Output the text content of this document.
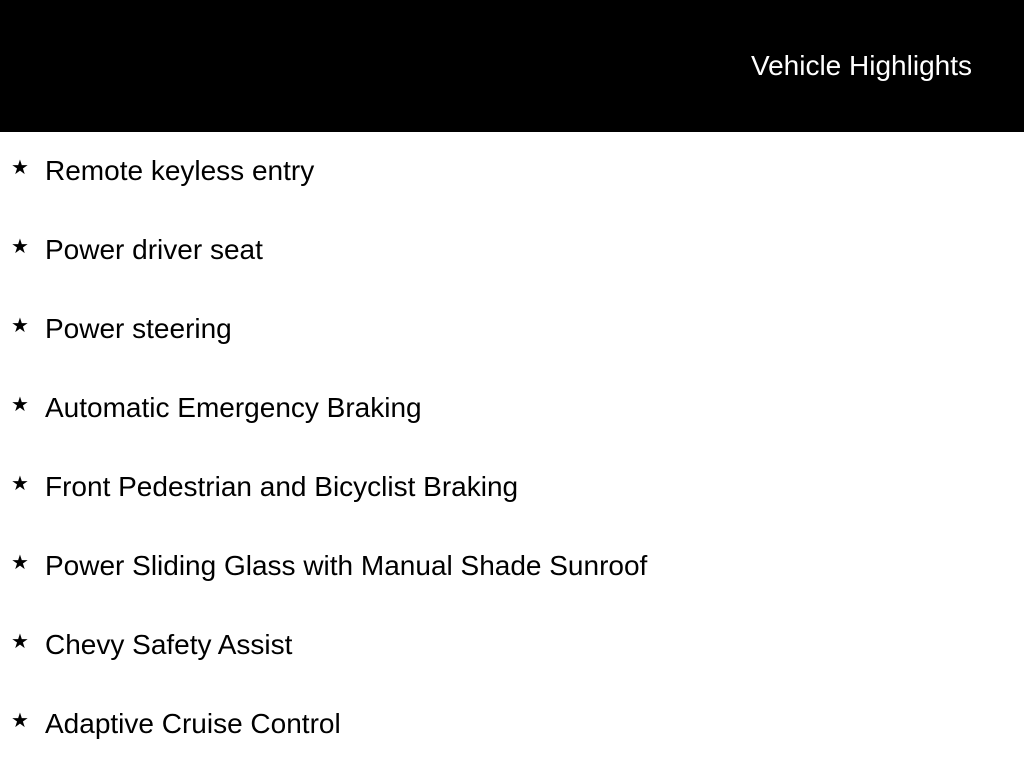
Vehicle Highlights
★ Remote keyless entry
★ Power driver seat
★ Power steering
★ Automatic Emergency Braking
★ Front Pedestrian and Bicyclist Braking
★ Power Sliding Glass with Manual Shade Sunroof
★ Chevy Safety Assist
★ Adaptive Cruise Control
